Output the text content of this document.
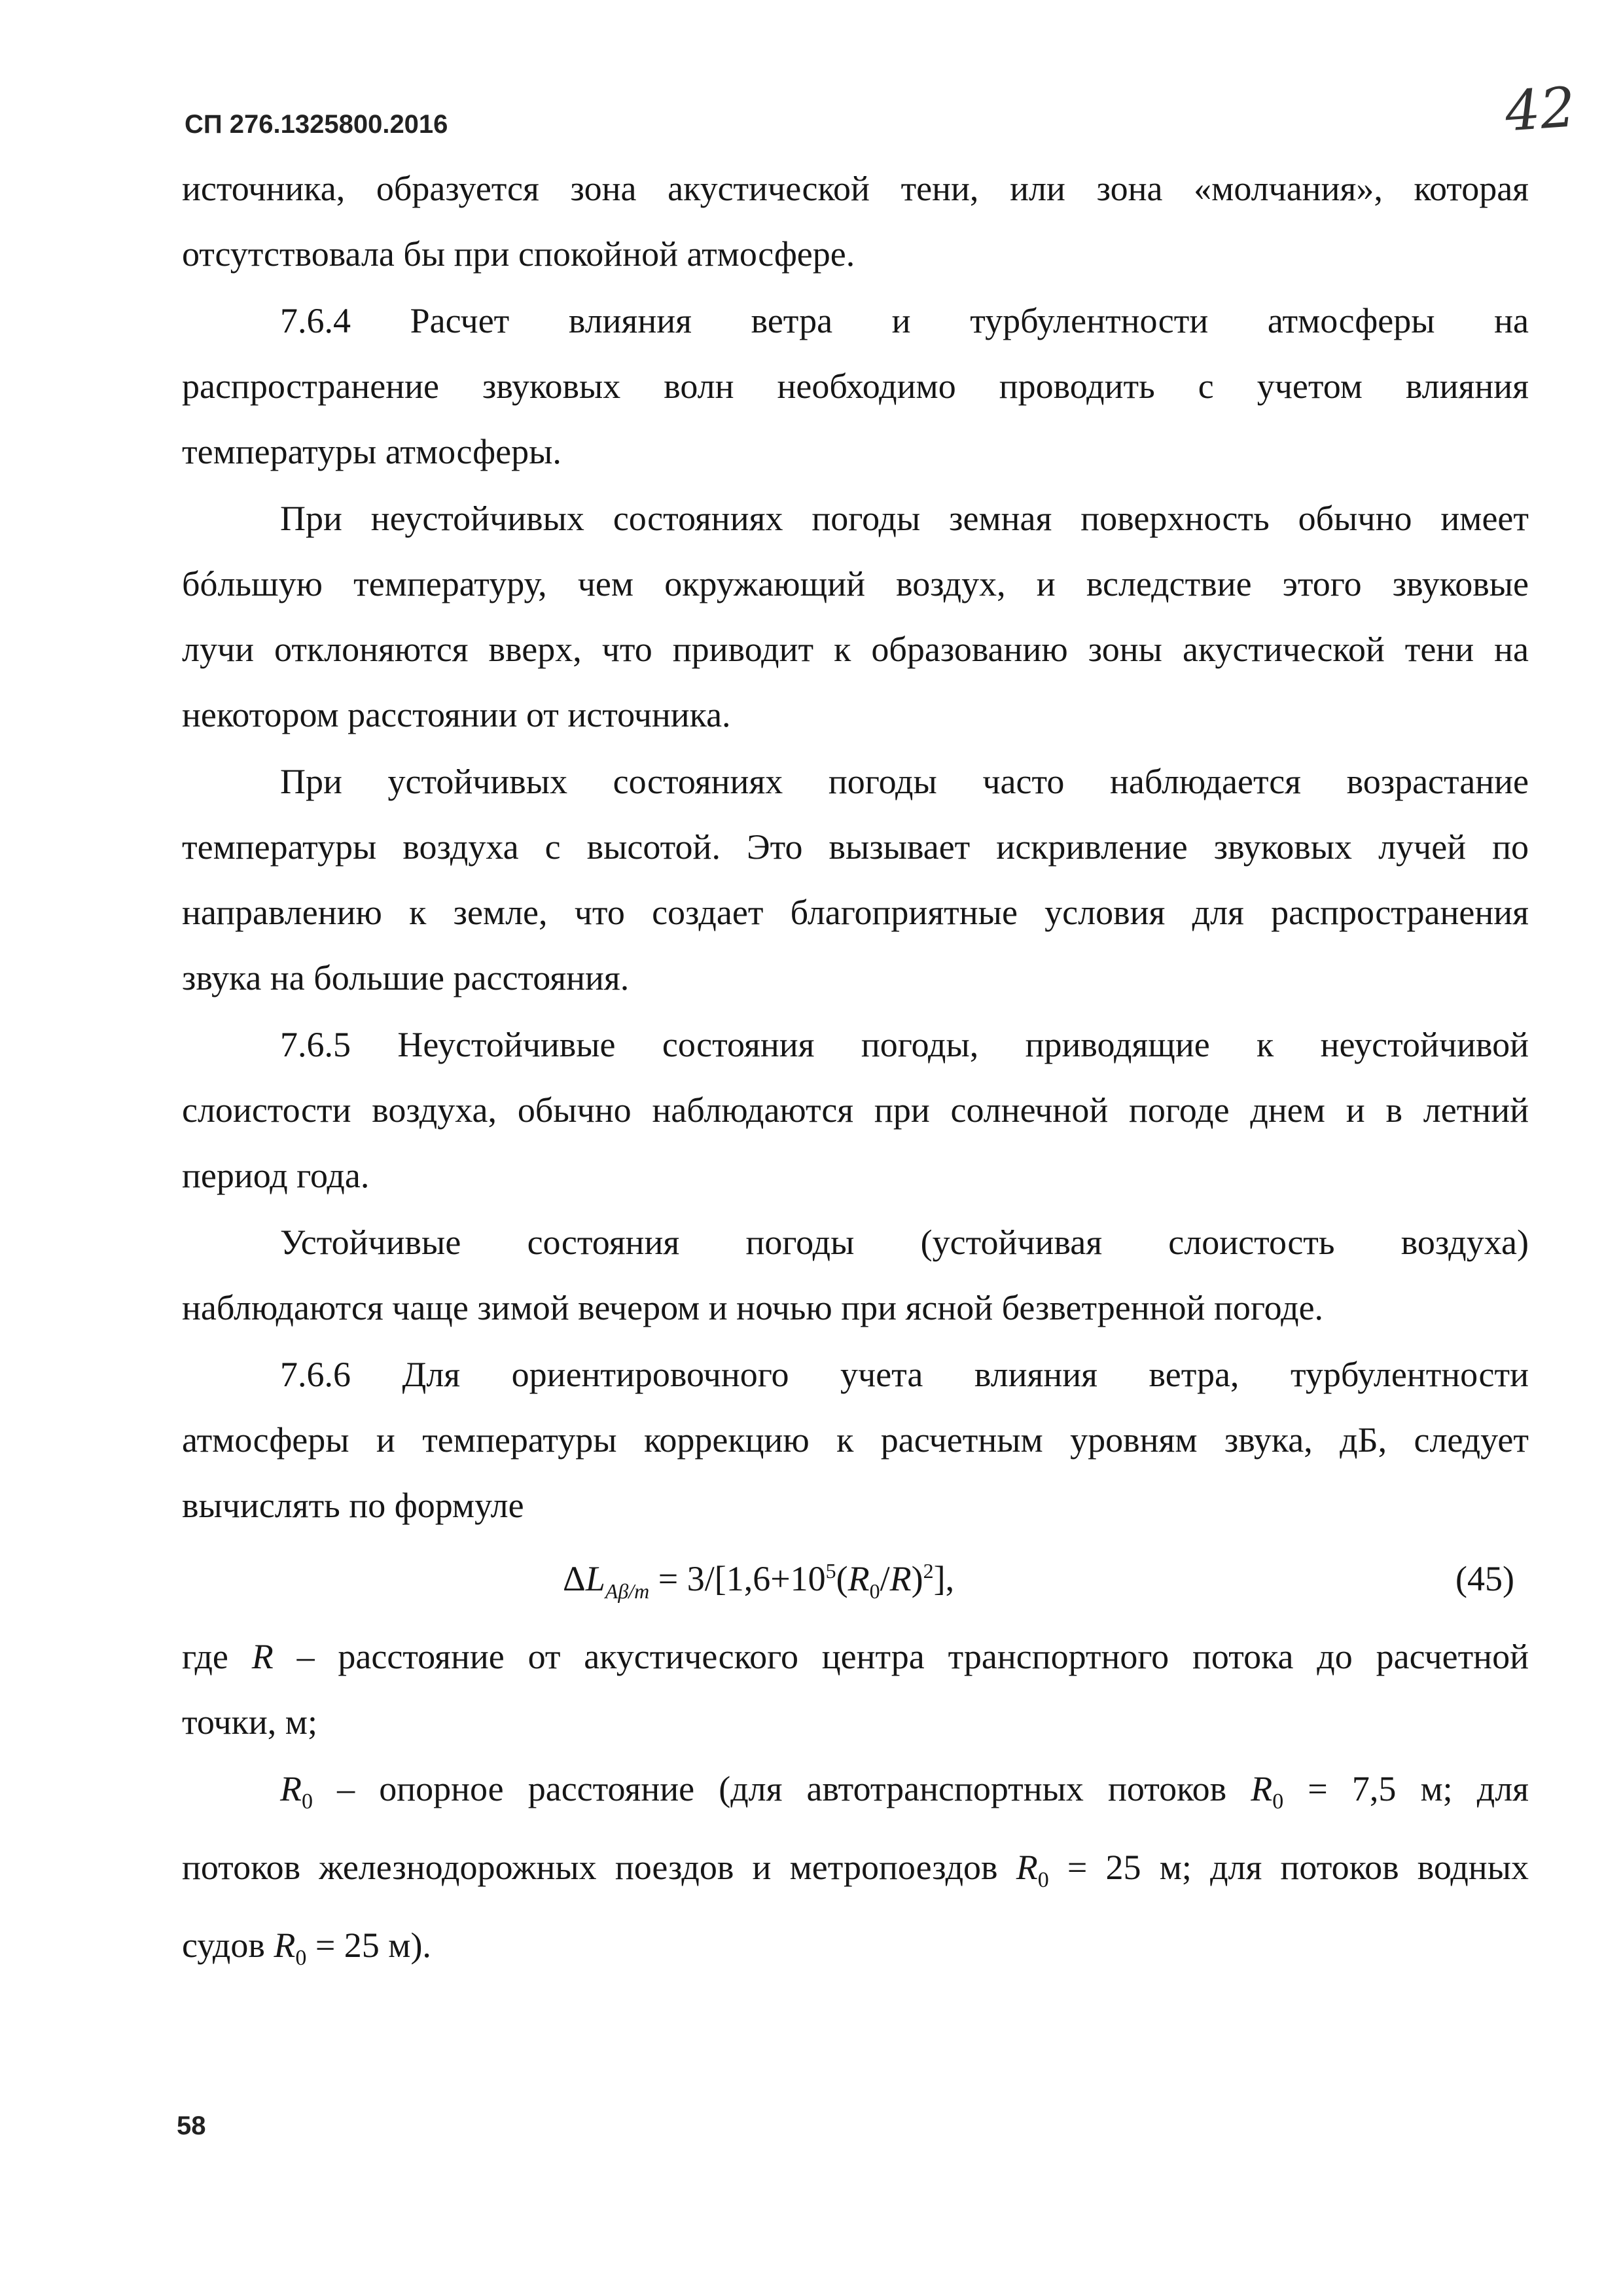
СП 276.1325800.2016	42
источника, образуется зона акустической тени, или зона «молчания», которая
отсутствовала бы при спокойной атмосфере.
7.6.4 Расчет влияния ветра и турбулентности атмосферы на
распространение звуковых волн необходимо проводить с учетом влияния
температуры атмосферы.
При неустойчивых состояниях погоды земная поверхность обычно имеет
бóльшую температуру, чем окружающий воздух, и вследствие этого звуковые
лучи отклоняются вверх, что приводит к образованию зоны акустической тени на
некотором расстоянии от источника.
При устойчивых состояниях погоды часто наблюдается возрастание
температуры воздуха с высотой. Это вызывает искривление звуковых лучей по
направлению к земле, что создает благоприятные условия для распространения
звука на большие расстояния.
7.6.5 Неустойчивые состояния погоды, приводящие к неустойчивой
слоистости воздуха, обычно наблюдаются при солнечной погоде днем и в летний
период года.
Устойчивые состояния погоды (устойчивая слоистость воздуха)
наблюдаются чаще зимой вечером и ночью при ясной безветренной погоде.
7.6.6 Для ориентировочного учета влияния ветра, турбулентности
атмосферы и температуры коррекцию к расчетным уровням звука, дБ, следует
вычислять по формуле
$\Delta L_{A\beta/т} = 3/[1,6+10^5(R_0/R)^2]$,	(45)
где R – расстояние от акустического центра транспортного потока до расчетной
точки, м;
$R_0$ – опорное расстояние (для автотранспортных потоков $R_0 = 7,5$ м; для
потоков железнодорожных поездов и метропоездов $R_0 = 25$ м; для потоков водных
судов $R_0 = 25$ м).
58
